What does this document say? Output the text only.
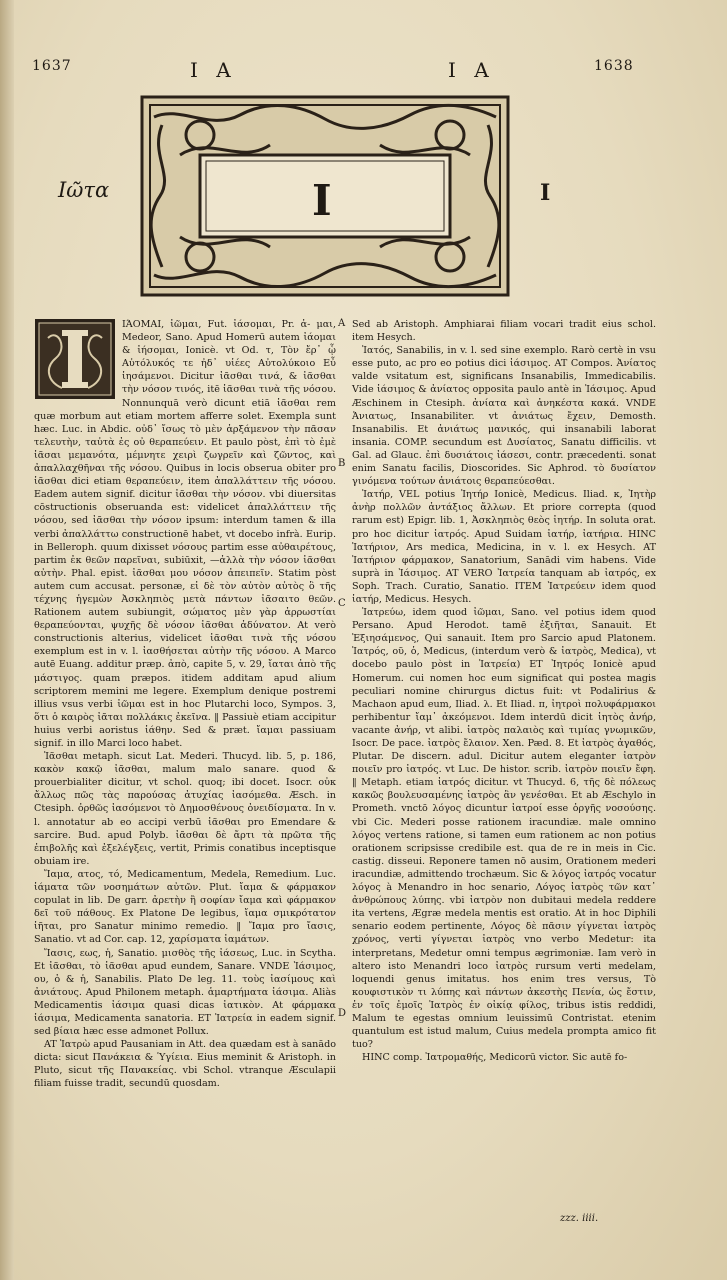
1637	I A	I A	1638
Ιῶτα	I	I

ΙΆΟΜΑΙ, ἰῶμαι, Fut. ἰάσομαι, Pr. ἀ- μαι, Medeor, Sano. Apud Homerū autem ἰάομαι & ἰήσομαι, Ionicè. vt Od. τ, Τὸν ἔρ᾽ ᾧ Αὐτόλυκός τε ἠδ᾽ υἱέες Αὐτολύκοιο Εὖ ἰησάμενοι. Dicitur ἰᾶσθαι τινά, & ἰᾶσθαι τὴν νόσον τινός, itē ἰᾶσθαι τινὰ τῆς νόσου. Nonnunquā verò dicunt etiā ἰᾶσθαι rem quæ morbum aut etiam mortem afferre solet. Exempla sunt hæc. Luc. in Abdic. οὐδ᾽ ἴσως τὸ μὲν ἀρξάμενον τὴν πᾶσαν τελευτὴν, ταὐτὰ ἐς οὐ θεραπεύειν. Et paulo pòst, ἐπὶ τὸ ἐμὲ ἰᾶσαι μεμανότα, μέμνητε χειρὶ ζωγρεῖν καὶ ζῶντος, καὶ ἀπαλλαχθῆναι τῆς νόσου. Quibus in locis obserua obiter pro ἰᾶσθαι dici etiam θεραπεύειν, item ἀπαλλάττειν τῆς νόσου. Eadem autem signif. dicitur ἰᾶσθαι τὴν νόσον. vbi diuersitas cōstructionis obseruanda est: videlicet ἀπαλλάττειν τῆς νόσου, sed ἰᾶσθαι τὴν νόσον ipsum: interdum tamen & illa verbi ἀπαλλάττω constructionē habet, vt docebo infrà. Eurip. in Belleroph. quum dixisset νόσους partim esse αὐθαιρέτους, partim ἐκ θεῶν παρεῖναι, subiūxit, —ἀλλὰ τὴν νόσον ἰᾶσθαι αὐτὴν. Phal. epist. ἰᾶσθαι μου νόσον ἀπειπεῖν. Statim pòst autem cum accusat. personæ, εἰ δὲ τὸν αὐτὸν αὐτὸς ὃ τῆς τέχνης ἡγεμὼν Ἀσκληπιὸς μετὰ πάντων ἰᾶσαιτο θεῶν. Rationem autem subiungit, σώματος μὲν γὰρ ἀρρωστίαι θεραπεύονται, ψυχῆς δὲ νόσον ἰᾶσθαι ἀδύνατον. At verò constructionis alterius, videlicet ἰᾶσθαι τινὰ τῆς νόσου exemplum est in v. l. ἰασθήσεται αὐτὴν τῆς νόσου. A Marco autē Euang. additur præp. ἀπὸ, capite 5, v. 29, ἴαται ἀπὸ τῆς μάστιγος. quam præpos. itidem additam apud alium scriptorem memini me legere. Exemplum denique postremi illius vsus verbi ἰῶμαι est in hoc Plutarchi loco, Sympos. 3, ὅτι ὁ καιρὸς ἰᾶται πολλάκις ἐκεῖνα. ‖ Passiuè etiam accipitur huius verbi aoristus ἰάθην. Sed & præt. ἴαμαι passiuam signif. in illo Marci loco habet.

Ἰᾶσθαι metaph. sicut Lat. Mederi. Thucyd. lib. 5, p. 186, κακὸν κακῷ ἰᾶσθαι, malum malo sanare. quod & prouerbialiter dicitur, vt schol. quoq; ibi docet. Isocr. οὐκ ἄλλως πῶς τὰς παρούσας ἀτυχίας ἰασόμεθα. Æsch. in Ctesiph. ὀρθῶς ἰασόμενοι τὸ Δημοσθένους ὀνειδίσματα. In v. l. annotatur ab eo accipi verbū ἰᾶσθαι pro Emendare & sarcire. Bud. apud Polyb. ἰᾶσθαι δὲ ἄρτι τὰ πρῶτα τῆς ἐπιβολῆς καὶ ἐξελέγξεις, vertit, Primis conatibus inceptisque obuiam ire.

Ἴαμα, ατος, τό, Medicamentum, Medela, Remedium. Luc. ἰάματα τῶν νοσημάτων αὐτῶν. Plut. ἴαμα & φάρμακον copulat in lib. De garr. ἀρετὴν ἢ σοφίαν ἴαμα καὶ φάρμακον δεῖ τοῦ πάθους. Ex Platone De legibus, ἴαμα σμικρότατον ἰῆται, pro Sanatur minimo remedio. ‖ Ἴαμα pro ἴασις, Sanatio. vt ad Cor. cap. 12, χαρίσματα ἰαμάτων.

Ἴασις, εως, ἡ, Sanatio. μισθὸς τῆς ἰάσεως, Luc. in Scytha. Et ἰᾶσθαι, τὸ ἰᾶσθαι apud eundem, Sanare. VNDE Ἰάσιμος, ου, ὁ & ἡ, Sanabilis. Plato De leg. 11. τοὺς ἰασίμους καὶ ἀνιάτους. Apud Philonem metaph. ἁμαρτήματα ἰάσιμα. Aliàs Medicamentis ἰάσιμα quasi dicas ἰατικὸν. At φάρμακα ἰάσιμα, Medicamenta sanatoria. ET Ἰατρεία in eadem signif. sed βίαια hæc esse admonet Pollux.

AT Ἰατρὼ apud Pausaniam in Att. dea quædam est à sanādo dicta: sicut Πανάκεια & Ὑγίεια. Eius meminit & Aristoph. in Pluto, sicut τῆς Πανακείας. vbi Schol. vtranque Æsculapii filiam fuisse tradit, secundū quosdam.

A
B
C
D

Sed ab Aristoph. Amphiarai filiam vocari tradit eius schol. item Hesych.

Ἰατός, Sanabilis, in v. l. sed sine exemplo. Rarò certè in vsu esse puto, ac pro eo potius dici ἰάσιμος. AT Compos. Ἀνίατος valde vsitatum est, significans Insanabilis, Immedicabilis. Vide ἰάσιμος & ἀνίατος opposita paulo antè in Ἰάσιμος. Apud Æschinem in Ctesiph. ἀνίατα καὶ ἀνηκέστα κακά. VNDE Ἀνιατως, Insanabiliter. vt ἀνιάτως ἔχειν, Demosth. Insanabilis. Et ἀνιάτως μανικός, qui insanabili laborat insania. COMP. secundum est Δυσίατος, Sanatu difficilis. vt Gal. ad Glauc. ἐπὶ δυσιάτοις ἰάσεσι, contr. præcedenti. sonat enim Sanatu facilis, Dioscorides. Sic Aphrod. τὸ δυσίατον γινόμενα τούτων ἀνιάτοις θεραπεύεσθαι.

Ἰατήρ, VEL potius Ἰητήρ Ionicè, Medicus. Iliad. κ, Ἰητὴρ ἀνὴρ πολλῶν ἀντάξιος ἄλλων. Et priore correpta (quod rarum est) Epigr. lib. 1, Ἀσκληπιὸς θεὸς ἰητήρ. In soluta orat. pro hoc dicitur ἰατρός. Apud Suidam ἰατήρ, ἰατήρια. HINC Ἰατήριον, Ars medica, Medicina, in v. l. ex Hesych. AT Ἰατήριον φάρμακον, Sanatorium, Sanādi vim habens. Vide suprà in Ἰάσιμος. AT VERO Ἰατρεία tanquam ab ἰατρός, ex Soph. Trach. Curatio, Sanatio. ITEM Ἰατρεύειν idem quod ἰατήρ, Medicus. Hesych.

Ἰατρεύω, idem quod ἰῶμαι, Sano. vel potius idem quod Persano. Apud Herodot. tamē ἐξιῆται, Sanauit. Et Ἐξιησάμενος, Qui sanauit. Item pro Sarcio apud Platonem. Ἰατρός, οῦ, ὁ, Medicus, (interdum verò & ἰατρὸς, Medica), vt docebo paulo pòst in Ἰατρεία) ET Ἰητρός Ionicè apud Homerum. cui nomen hoc eum significat qui postea magis peculiari nomine chirurgus dictus fuit: vt Podalirius & Machaon apud eum, Iliad. λ. Et Iliad. π, ἰητροὶ πολυφάρμακοι perhibentur ἴαμ᾽ ἀκεόμενοι. Idem interdū dicit ἰητὸς ἀνήρ, vacante ἀνήρ, vt alibi. ἰατρὸς παλαιὸς καὶ τιμίας γνωμικῶν, Isocr. De pace. ἰατρὸς ἔλαιον. Xen. Pæd. 8. Et ἰατρὸς ἀγαθός, Plutar. De discern. adul. Dicitur autem eleganter ἰατρὸν ποιεῖν pro ἰατρός. vt Luc. De histor. scrib. ἰατρὸν ποιεῖν ἔφη. ‖ Metaph. etiam ἰατρός dicitur. vt Thucyd. 6, τῆς δὲ πόλεως κακῶς βουλευσαμένης ἰατρὸς ἂν γενέσθαι. Et ab Æschylo in Prometh. vnctō λόγος dicuntur ἰατροί esse ὀργῆς νοσούσης. vbi Cic. Mederi posse rationem iracundiæ. male omnino λόγος vertens ratione, si tamen eum rationem ac non potius orationem scripsisse credibile est. qua de re in meis in Cic. castig. disseui. Reponere tamen nō ausim, Orationem mederi iracundiæ, admittendo trochæum. Sic & λόγος ἰατρός vocatur λόγος à Menandro in hoc senario, Λόγος ἰατρὸς τῶν κατ᾽ ἀνθρώπους λύπης. vbi ἰατρὸν non dubitaui medela reddere ita vertens, Ægræ medela mentis est oratio. At in hoc Diphili senario eodem pertinente, Λόγος δὲ πᾶσιν γίγνεται ἰατρὸς χρόνος, verti γίγνεται ἰατρὸς vno verbo Medetur: ita interpretans, Medetur omni tempus ægrimoniæ. Iam verò in altero isto Menandri loco ἰατρὸς rursum verti medelam, loquendi genus imitatus. hos enim tres versus, Τὸ κουφιστικὸν τι λύπης καὶ πάντων ἀκεστὴς Πενία, ὡς ἔστιν, ἐν τοῖς ἐμοῖς Ἰατρὸς ἐν οἰκίᾳ φίλος, tribus istis reddidi, Malum te egestas omnium leuissimū Contristat. etenim quantulum est istud malum, Cuius medela prompta amico fit tuo?

HINC comp. Ἰατρομαθής, Medicorū victor. Sic autē fo-

zzz. iiii.
